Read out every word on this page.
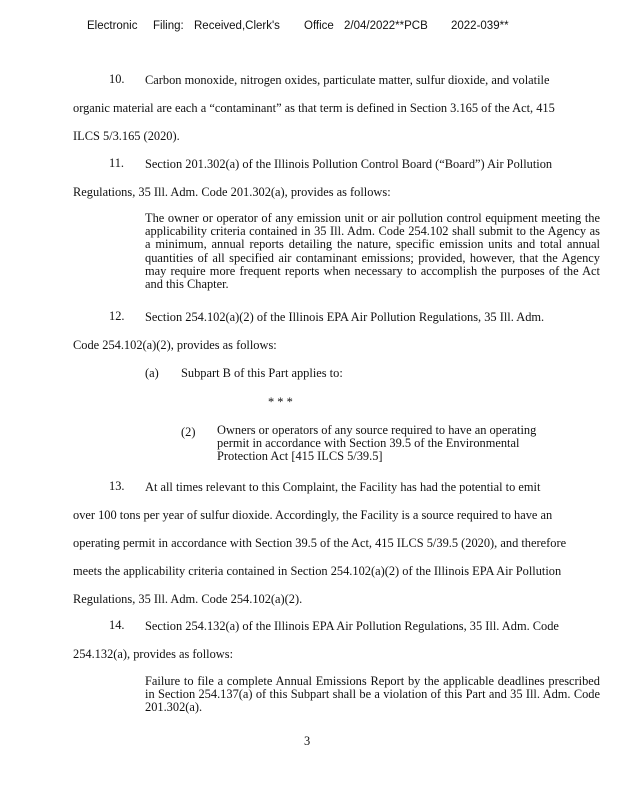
Electronic Filing: Received,Clerk's Office 2/04/2022**PCB 2022-039**
10. Carbon monoxide, nitrogen oxides, particulate matter, sulfur dioxide, and volatile
organic material are each a “contaminant” as that term is defined in Section 3.165 of the Act, 415
ILCS 5/3.165 (2020).
11. Section 201.302(a) of the Illinois Pollution Control Board (“Board”) Air Pollution
Regulations, 35 Ill. Adm. Code 201.302(a), provides as follows:
The owner or operator of any emission unit or air pollution control equipment meeting the applicability criteria contained in 35 Ill. Adm. Code 254.102 shall submit to the Agency as a minimum, annual reports detailing the nature, specific emission units and total annual quantities of all specified air contaminant emissions; provided, however, that the Agency may require more frequent reports when necessary to accomplish the purposes of the Act and this Chapter.
12. Section 254.102(a)(2) of the Illinois EPA Air Pollution Regulations, 35 Ill. Adm.
Code 254.102(a)(2), provides as follows:
(a) Subpart B of this Part applies to:
* * *
(2) Owners or operators of any source required to have an operating
permit in accordance with Section 39.5 of the Environmental
Protection Act [415 ILCS 5/39.5]
13. At all times relevant to this Complaint, the Facility has had the potential to emit
over 100 tons per year of sulfur dioxide. Accordingly, the Facility is a source required to have an
operating permit in accordance with Section 39.5 of the Act, 415 ILCS 5/39.5 (2020), and therefore
meets the applicability criteria contained in Section 254.102(a)(2) of the Illinois EPA Air Pollution
Regulations, 35 Ill. Adm. Code 254.102(a)(2).
14. Section 254.132(a) of the Illinois EPA Air Pollution Regulations, 35 Ill. Adm. Code
254.132(a), provides as follows:
Failure to file a complete Annual Emissions Report by the applicable deadlines prescribed in Section 254.137(a) of this Subpart shall be a violation of this Part and 35 Ill. Adm. Code 201.302(a).
3
